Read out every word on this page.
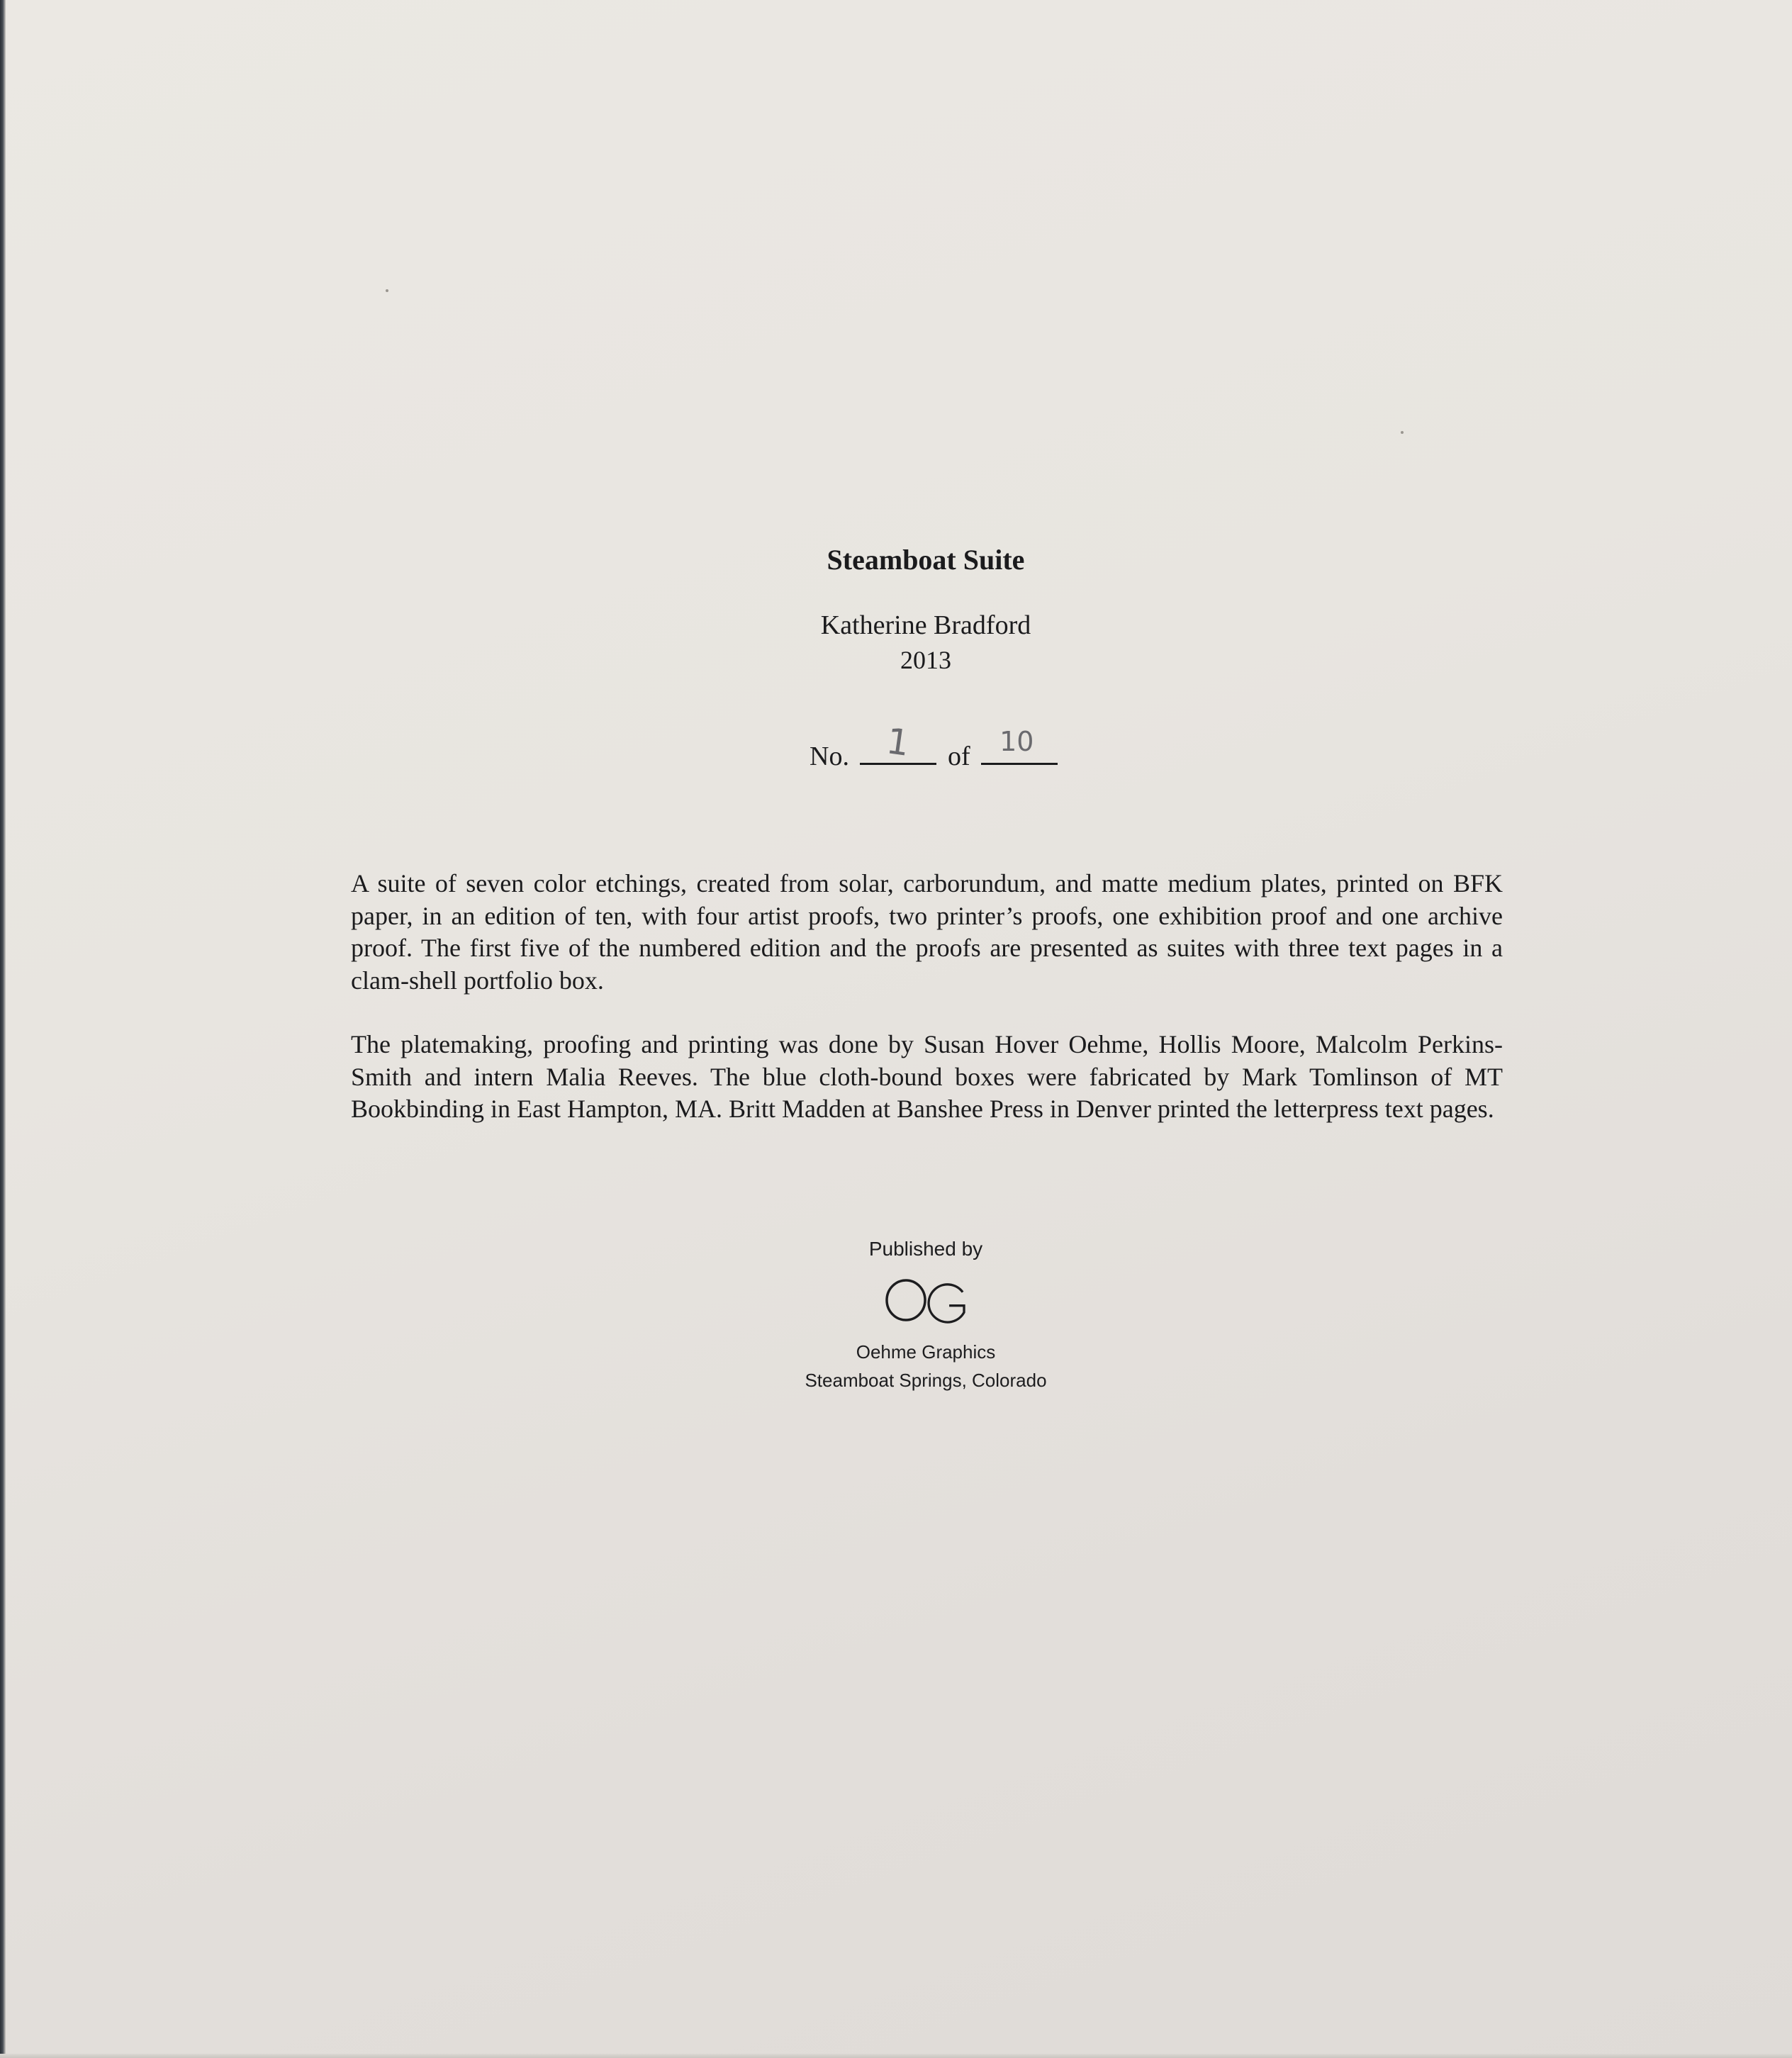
Steamboat Suite
Katherine Bradford
2013
No. 1 of 10
A suite of seven color etchings, created from solar, carborundum, and matte medium plates, printed on BFK paper, in an edition of ten, with four artist proofs, two printer’s proofs, one exhibition proof and one archive proof. The first five of the numbered edition and the proofs are presented as suites with three text pages in a clam-shell portfolio box.
The platemaking, proofing and printing was done by Susan Hover Oehme, Hollis Moore, Malcolm Perkins-Smith and intern Malia Reeves. The blue cloth-bound boxes were fabricated by Mark Tomlinson of MT Bookbinding in East Hampton, MA. Britt Madden at Banshee Press in Denver printed the letterpress text pages.
Published by
Oehme Graphics
Steamboat Springs, Colorado
